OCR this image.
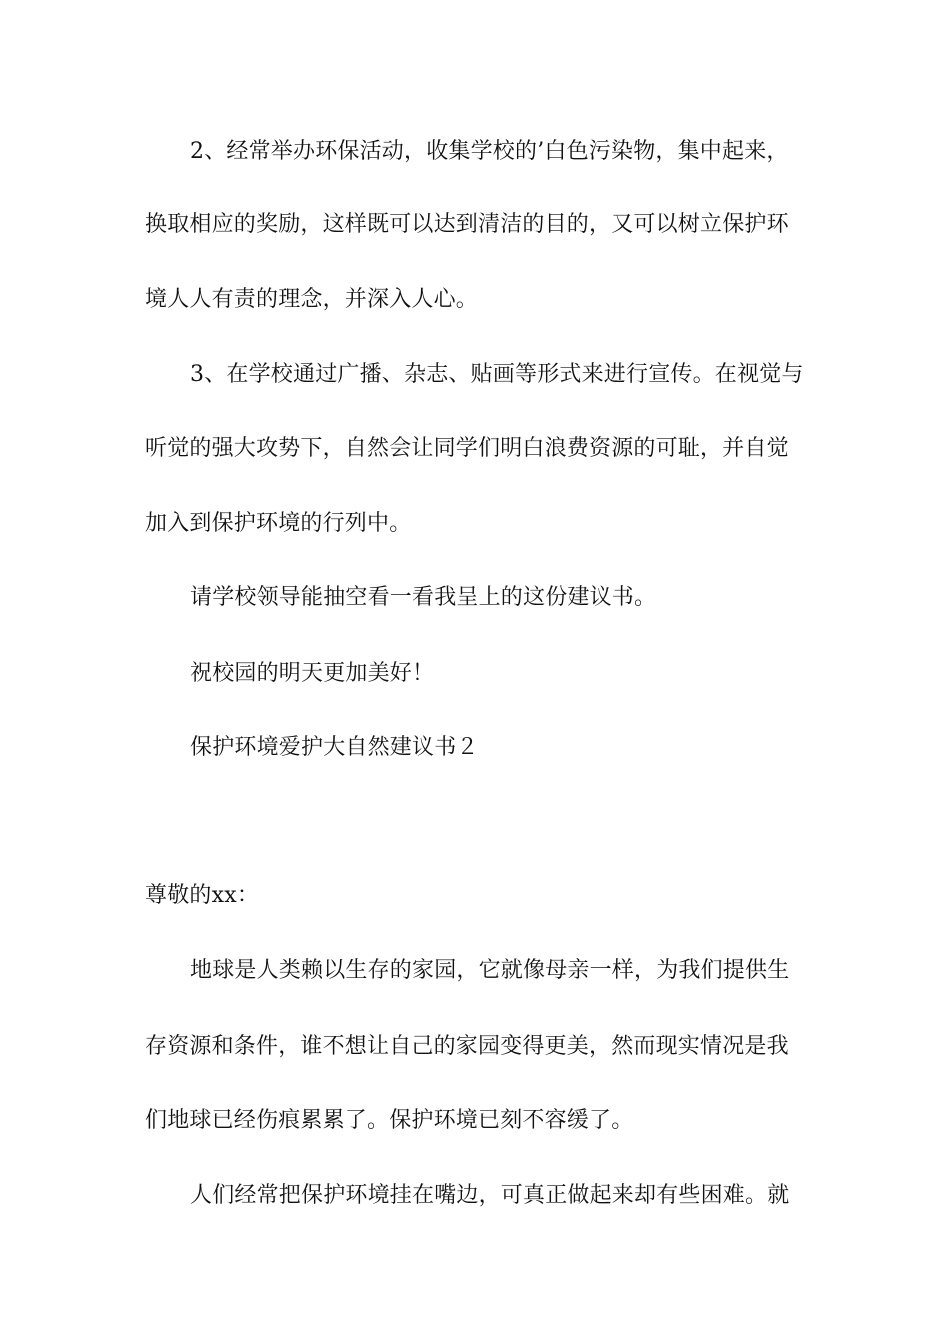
2、经常举办环保活动，收集学校的’白色污染物，集中起来，
换取相应的奖励，这样既可以达到清洁的目的，又可以树立保护环
境人人有责的理念，并深入人心。
3、在学校通过广播、杂志、贴画等形式来进行宣传。在视觉与
听觉的强大攻势下，自然会让同学们明白浪费资源的可耻，并自觉
加入到保护环境的行列中。
请学校领导能抽空看一看我呈上的这份建议书。
祝校园的明天更加美好！
保护环境爱护大自然建议书２
尊敬的xx：
地球是人类赖以生存的家园，它就像母亲一样，为我们提供生
存资源和条件，谁不想让自己的家园变得更美，然而现实情况是我
们地球已经伤痕累累了。保护环境已刻不容缓了。
人们经常把保护环境挂在嘴边，可真正做起来却有些困难。就
